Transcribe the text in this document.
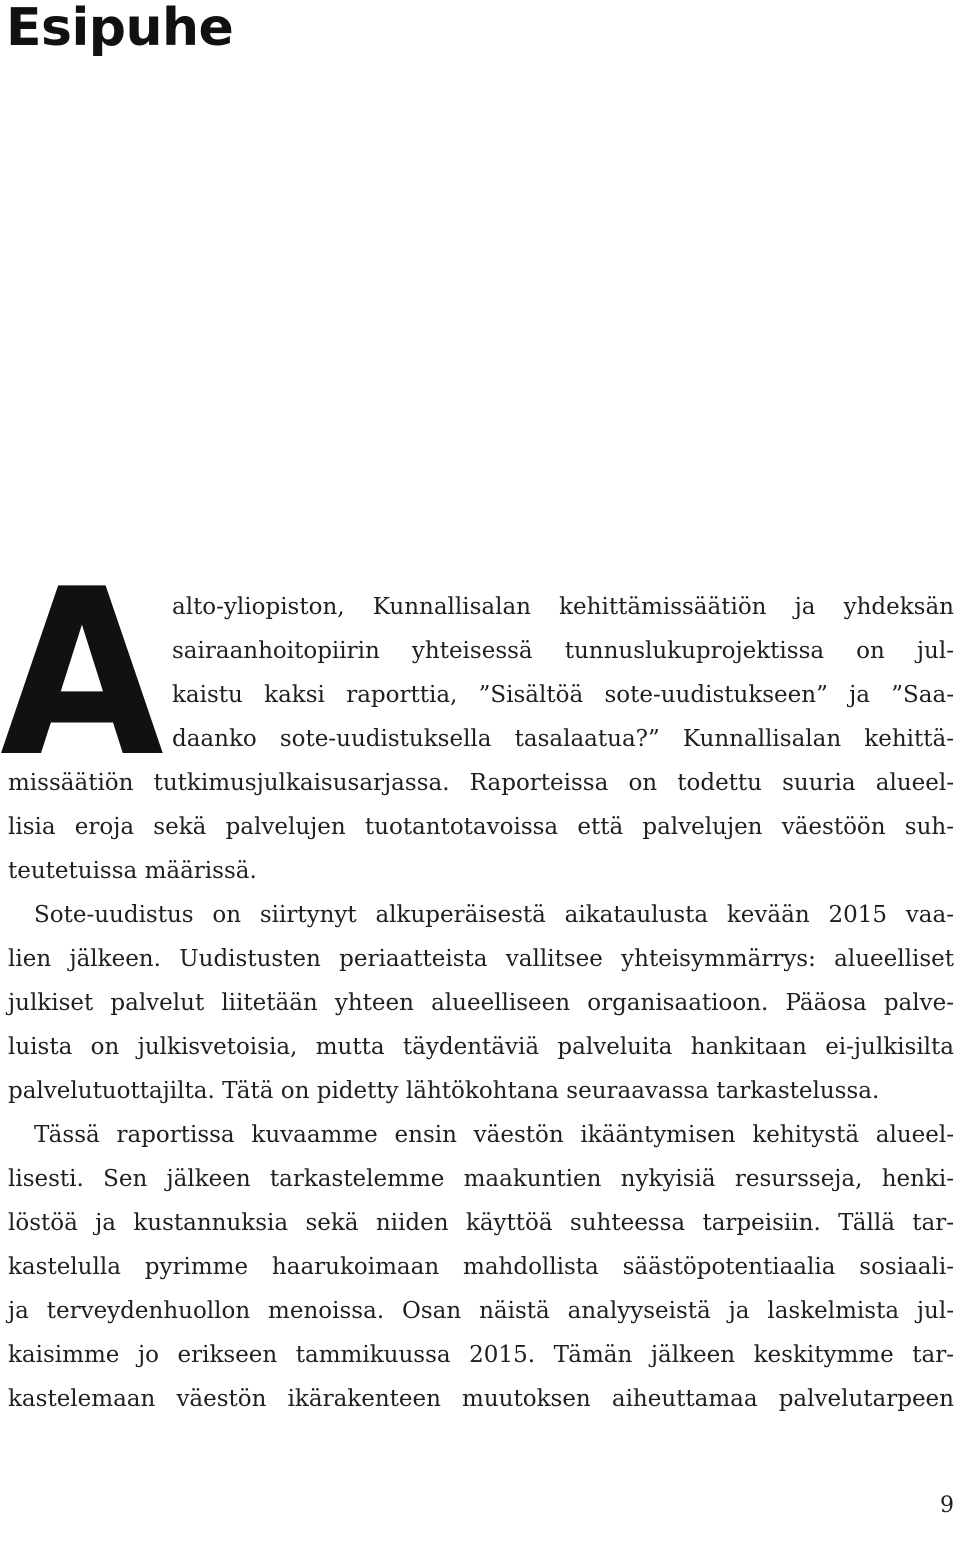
Esipuhe
A alto-yliopiston, Kunnallisalan kehittämissäätiön ja yhdeksän
sairaanhoitopiirin yhteisessä tunnuslukuprojektissa on jul-
kaistu kaksi raporttia, ”Sisältöä sote-uudistukseen” ja ”Saa-
daanko sote-uudistuksella tasalaatua?” Kunnallisalan kehittä-
missäätiön tutkimusjulkaisusarjassa. Raporteissa on todettu suuria alueel-
lisia eroja sekä palvelujen tuotantotavoissa että palvelujen väestöön suh-
teutetuissa määrissä.
Sote-uudistus on siirtynyt alkuperäisestä aikataulusta kevään 2015 vaa-
lien jälkeen. Uudistusten periaatteista vallitsee yhteisymmärrys: alueelliset
julkiset palvelut liitetään yhteen alueelliseen organisaatioon. Pääosa palve-
luista on julkisvetoisia, mutta täydentäviä palveluita hankitaan ei-julkisilta
palvelutuottajilta. Tätä on pidetty lähtökohtana seuraavassa tarkastelussa.
Tässä raportissa kuvaamme ensin väestön ikääntymisen kehitystä alueel-
lisesti. Sen jälkeen tarkastelemme maakuntien nykyisiä resursseja, henki-
löstöä ja kustannuksia sekä niiden käyttöä suhteessa tarpeisiin. Tällä tar-
kastelulla pyrimme haarukoimaan mahdollista säästöpotentiaalia sosiaali-
ja terveydenhuollon menoissa. Osan näistä analyyseistä ja laskelmista jul-
kaisimme jo erikseen tammikuussa 2015. Tämän jälkeen keskitymme tar-
kastelemaan väestön ikärakenteen muutoksen aiheuttamaa palvelutarpeen
9
